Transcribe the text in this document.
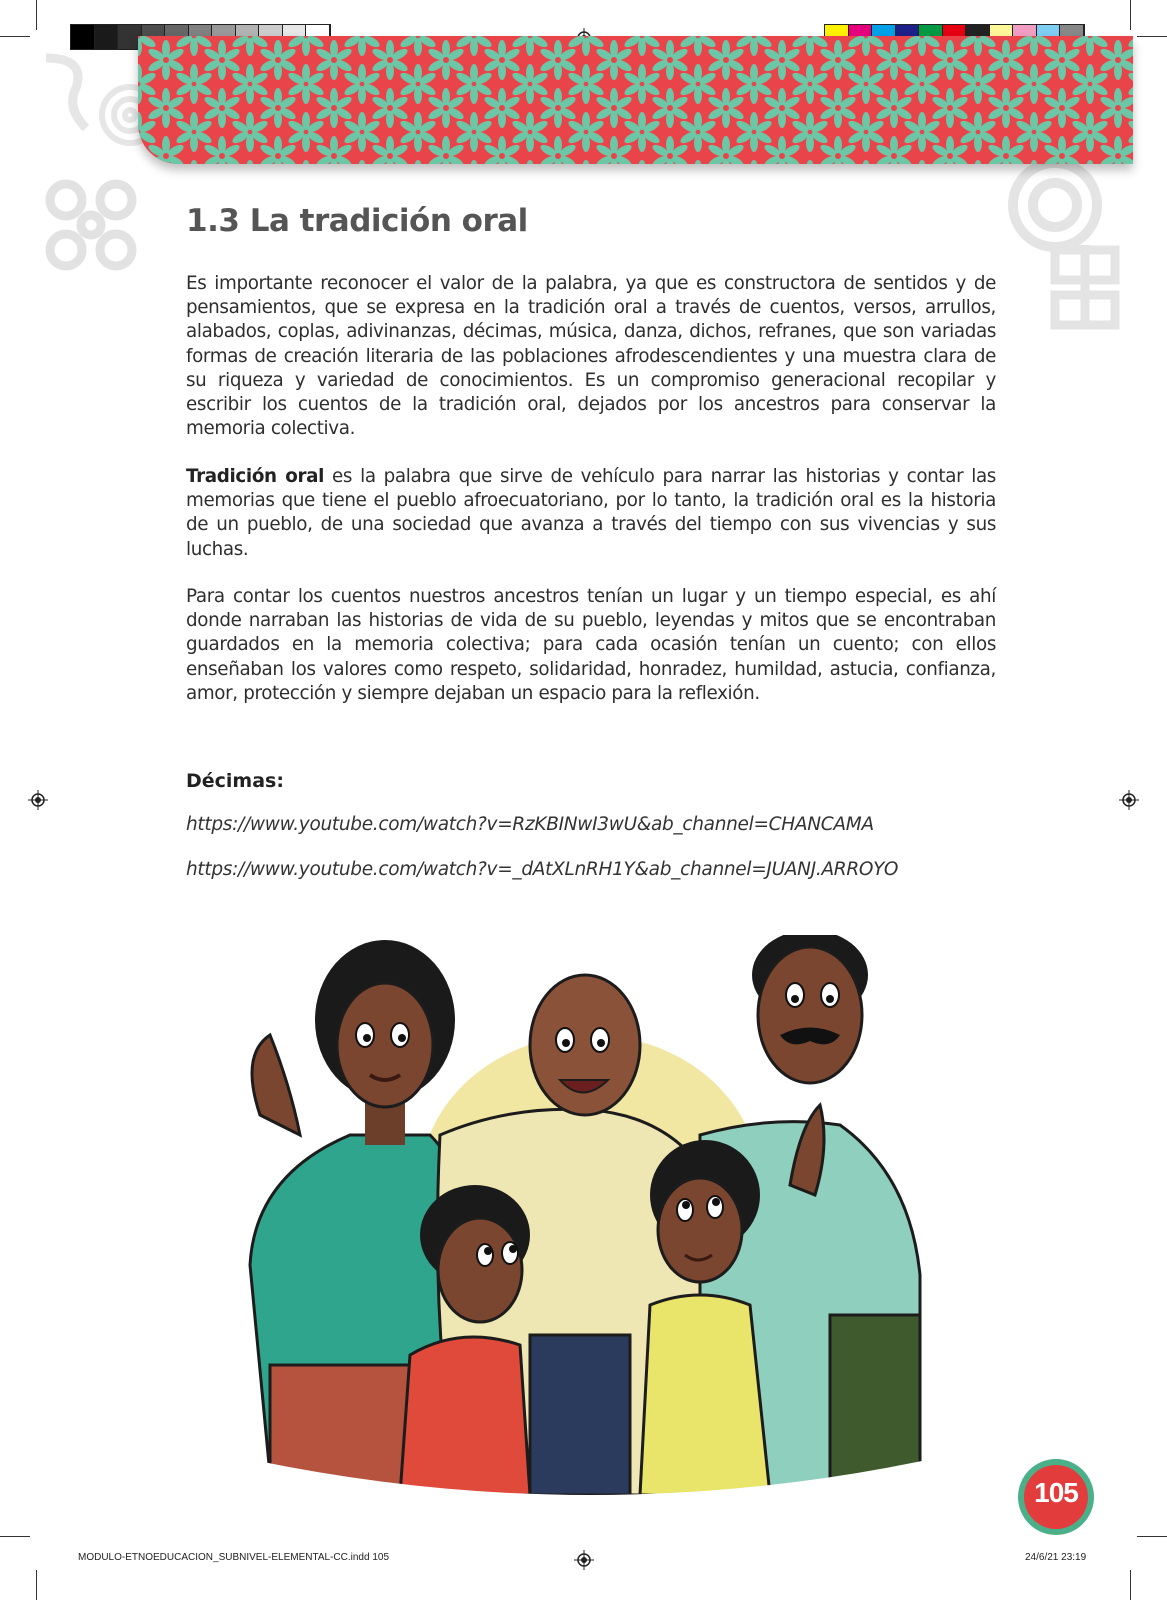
1.3 La tradición oral

Es importante reconocer el valor de la palabra, ya que es constructora de sentidos y de pensamientos, que se expresa en la tradición oral a través de cuentos, versos, arrullos, alabados, coplas, adivinanzas, décimas, música, danza, dichos, refranes, que son variadas formas de creación literaria de las poblaciones afrodescendientes y una muestra clara de su riqueza y variedad de conocimientos. Es un compromiso generacional recopilar y escribir los cuentos de la tradición oral, dejados por los ancestros para conservar la memoria colectiva.

Tradición oral es la palabra que sirve de vehículo para narrar las historias y contar las memorias que tiene el pueblo afroecuatoriano, por lo tanto, la tradición oral es la historia de un pueblo, de una sociedad que avanza a través del tiempo con sus vivencias y sus luchas.

Para contar los cuentos nuestros ancestros tenían un lugar y un tiempo especial, es ahí donde narraban las historias de vida de su pueblo, leyendas y mitos que se encontraban guardados en la memoria colectiva; para cada ocasión tenían un cuento; con ellos enseñaban los valores como respeto, solidaridad, honradez, humildad, astucia, confianza, amor, protección y siempre dejaban un espacio para la reflexión.

Décimas:
https://www.youtube.com/watch?v=RzKBINwI3wU&ab_channel=CHANCAMA
https://www.youtube.com/watch?v=_dAtXLnRH1Y&ab_channel=JUANJ.ARROYO
105
MODULO-ETNOEDUCACION_SUBNIVEL-ELEMENTAL-CC.indd 105	24/6/21 23:19
